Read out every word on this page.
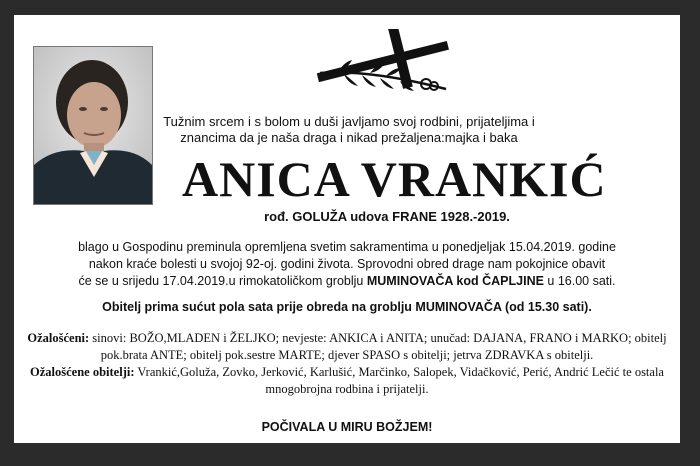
Tužnim srcem i s bolom u duši javljamo svoj rodbini, prijateljima i znancima da je naša draga i nikad prežaljena:majka i baka
ANICA VRANKIĆ
rođ. GOLUŽA udova FRANE 1928.-2019.

blago u Gospodinu preminula opremljena svetim sakramentima u ponedjeljak 15.04.2019. godine

nakon kraće bolesti u svojoj 92-oj. godini života. Sprovodni obred drage nam pokojnice obavit

će se u srijedu 17.04.2019.u rimokatoličkom groblju MUMINOVAČA kod ČAPLJINE u 16.00 sati.

Obitelj prima sućut pola sata prije obreda na groblju MUMINOVAČA (od 15.30 sati).

Ožalošćeni: sinovi: BOŽO,MLADEN i ŽELJKO; nevjeste: ANKICA i ANITA; unučad: DAJANA, FRANO i MARKO; obitelj pok.brata ANTE; obitelj pok.sestre MARTE; djever SPASO s obitelji; jetrva ZDRAVKA s obitelji.

Ožalošćene obitelji: Vrankić,Goluža, Zovko, Jerković, Karlušić, Marčinko, Salopek, Vidačković, Perić, Andrić Lečić te ostala mnogobrojna rodbina i prijatelji.

POČIVALA U MIRU BOŽJEM!
